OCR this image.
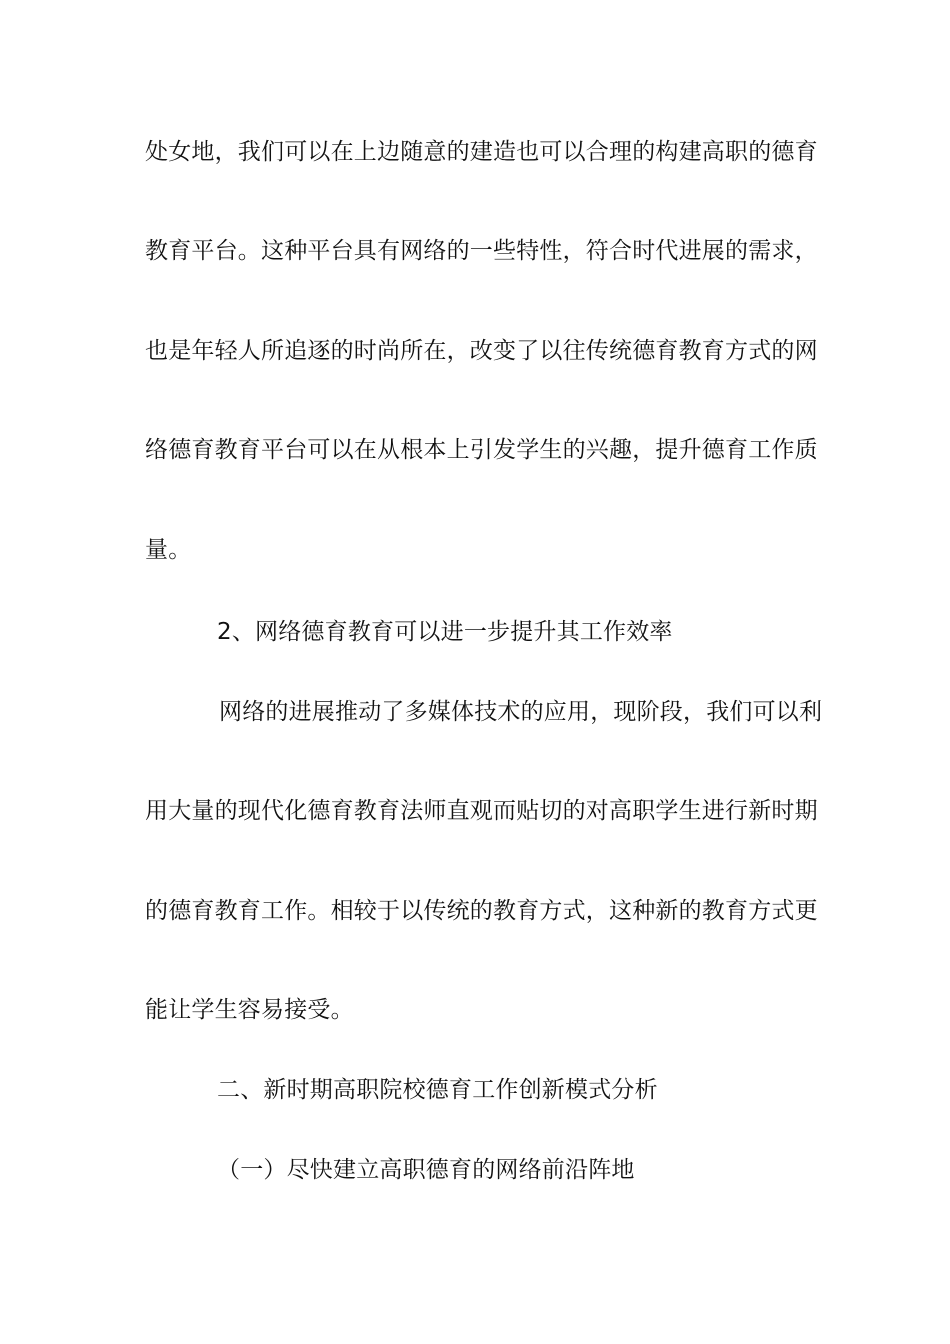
处女地，我们可以在上边随意的建造也可以合理的构建高职的德育
教育平台。这种平台具有网络的一些特性，符合时代进展的需求，
也是年轻人所追逐的时尚所在，改变了以往传统德育教育方式的网
络德育教育平台可以在从根本上引发学生的兴趣，提升德育工作质
量。
2、网络德育教育可以进一步提升其工作效率
网络的进展推动了多媒体技术的应用，现阶段，我们可以利
用大量的现代化德育教育法师直观而贴切的对高职学生进行新时期
的德育教育工作。相较于以传统的教育方式，这种新的教育方式更
能让学生容易接受。
二、新时期高职院校德育工作创新模式分析
（一）尽快建立高职德育的网络前沿阵地
